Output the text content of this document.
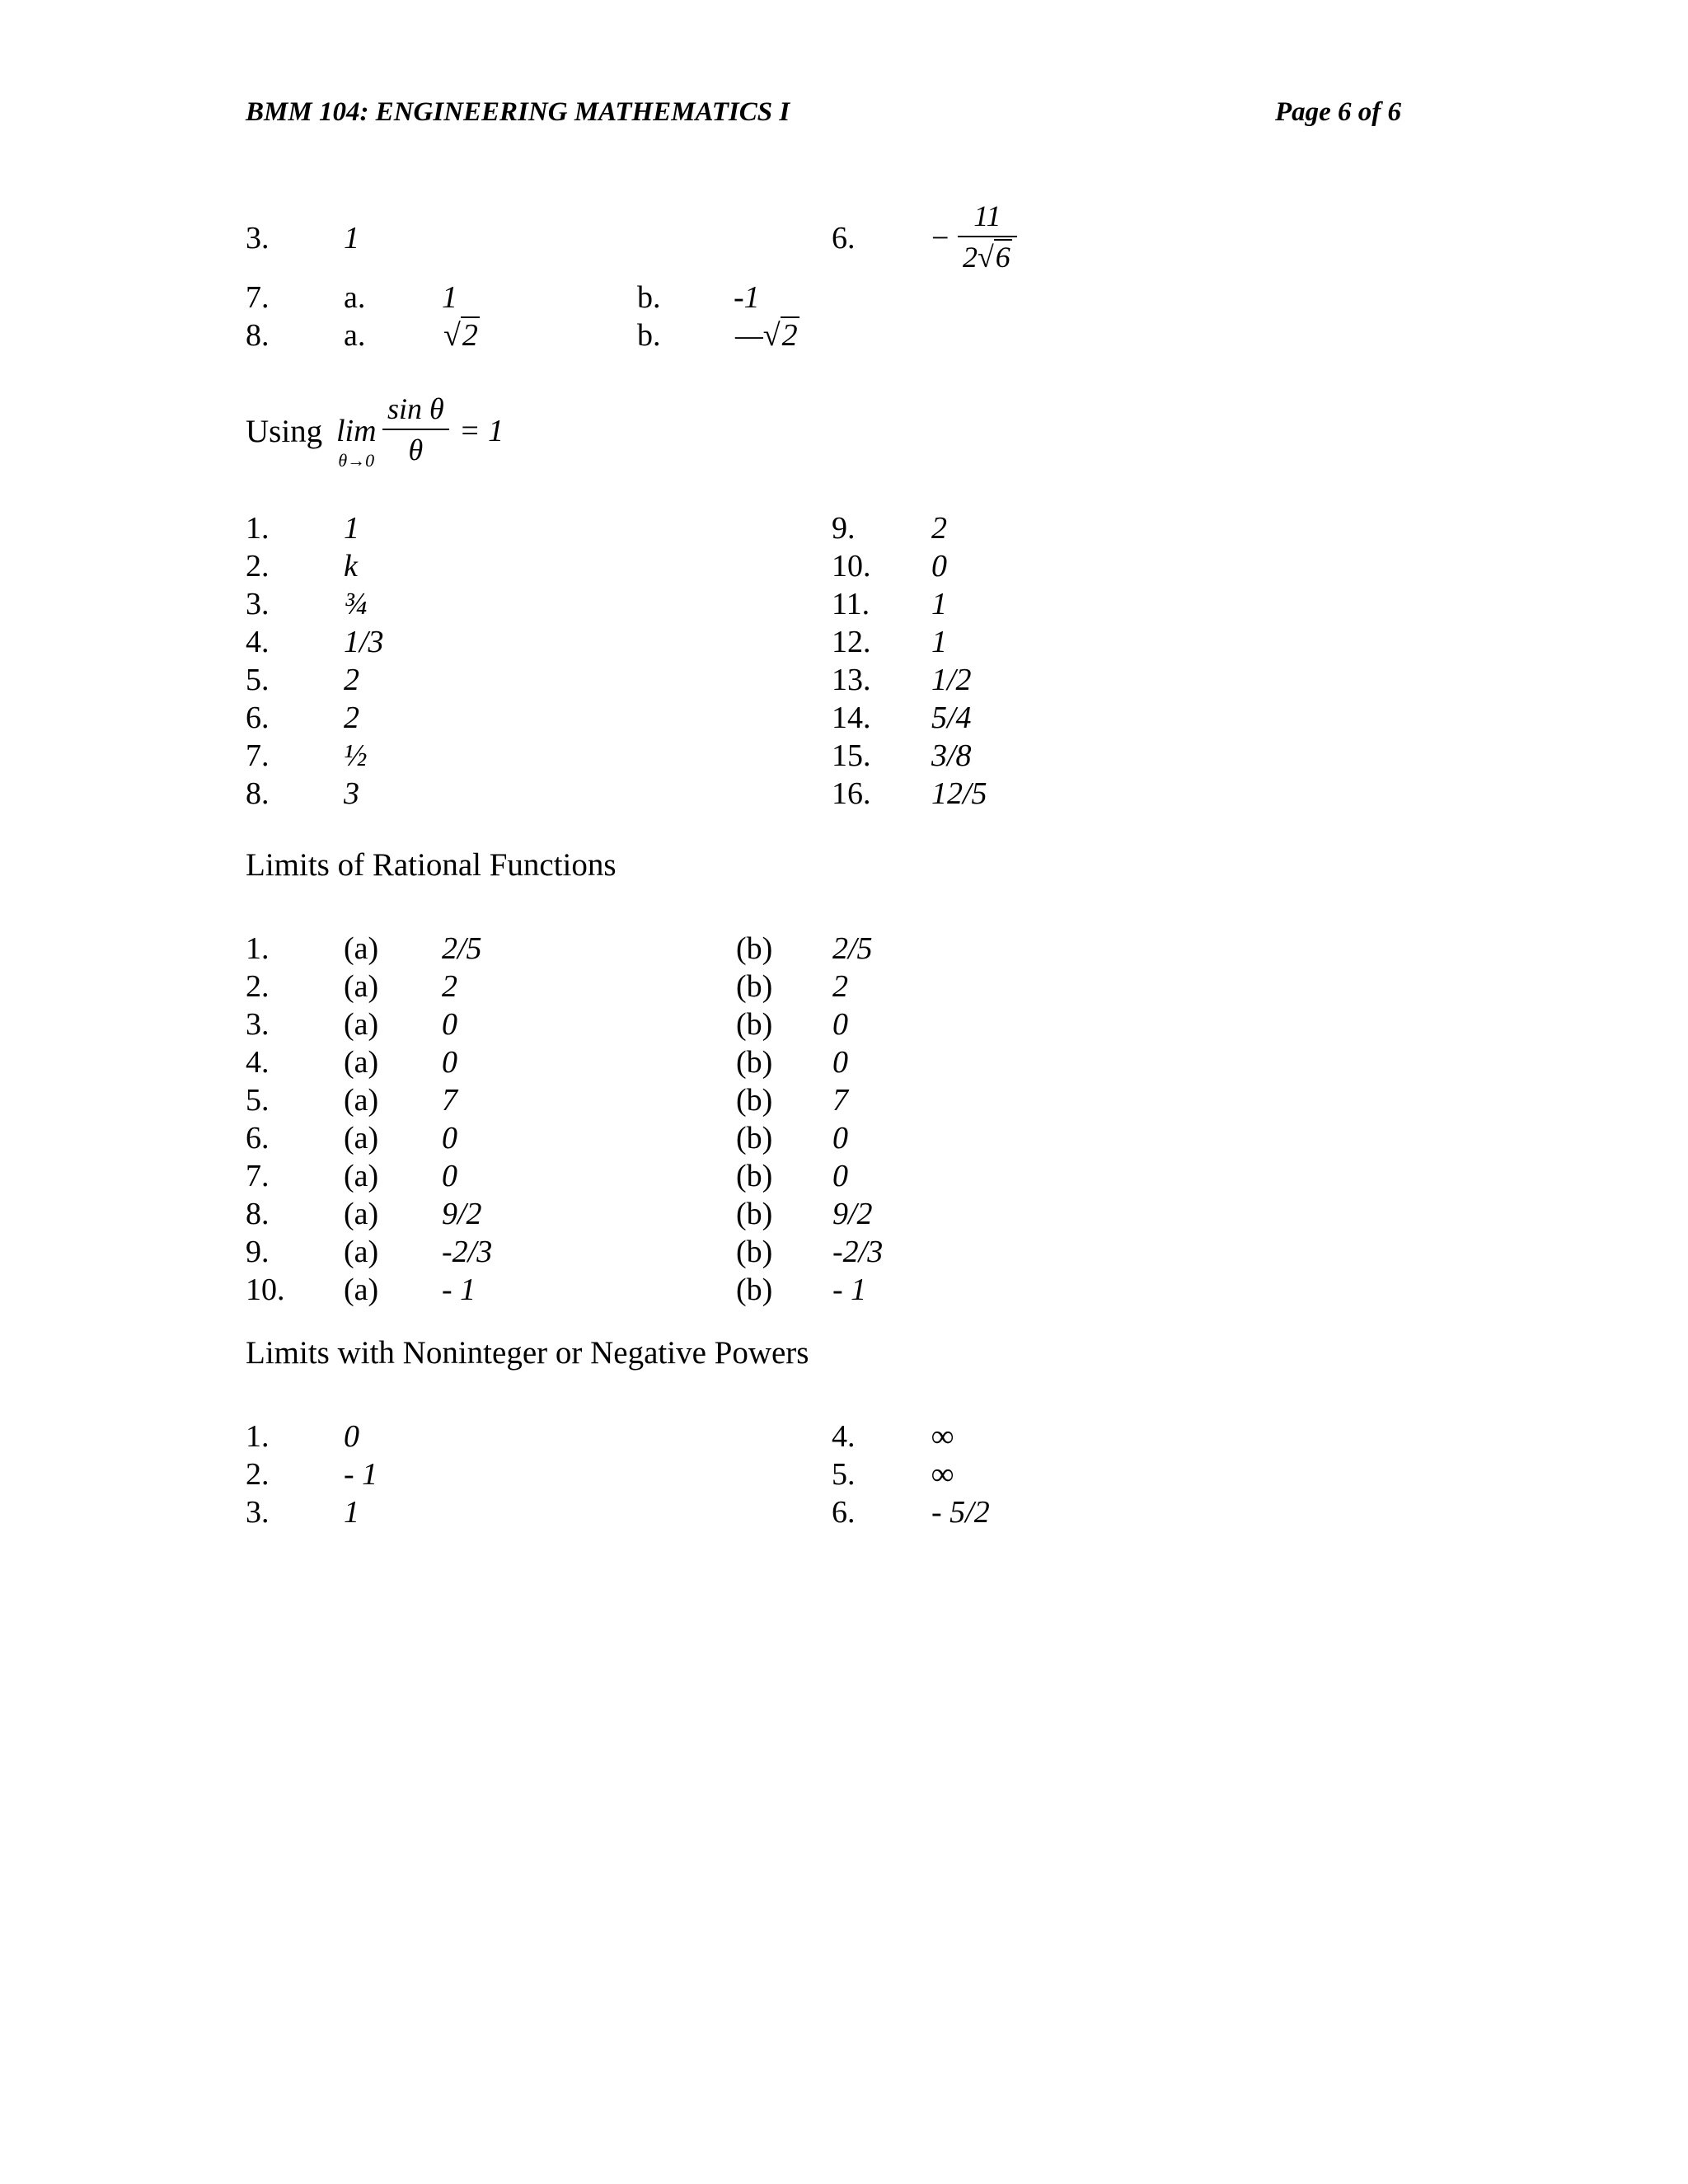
BMM 104: ENGINEERING MATHEMATICS I	Page 6 of 6
3. 1	6. −
11
2√6
7. a. 1	b. -1
8. a. √2	b. —√2
Using lim
θ→0
sin θ
θ
= 1
1. 1
2. k
3. ¾
4. 1/3
5. 2
6. 2
7. ½
8. 3
9. 2
10. 0
11. 1
12. 1
13. 1/2
14. 5/4
15. 3/8
16. 12/5
Limits of Rational Functions
1. (a) 2/5	(b) 2/5
2. (a) 2	(b) 2
3. (a) 0	(b) 0
4. (a) 0	(b) 0
5. (a) 7	(b) 7
6. (a) 0	(b) 0
7. (a) 0	(b) 0
8. (a) 9/2	(b) 9/2
9. (a) -2/3	(b) -2/3
10. (a) - 1	(b) - 1
Limits with Noninteger or Negative Powers
1. 0
2. - 1
3. 1
4. ∞
5. ∞
6. - 5/2
